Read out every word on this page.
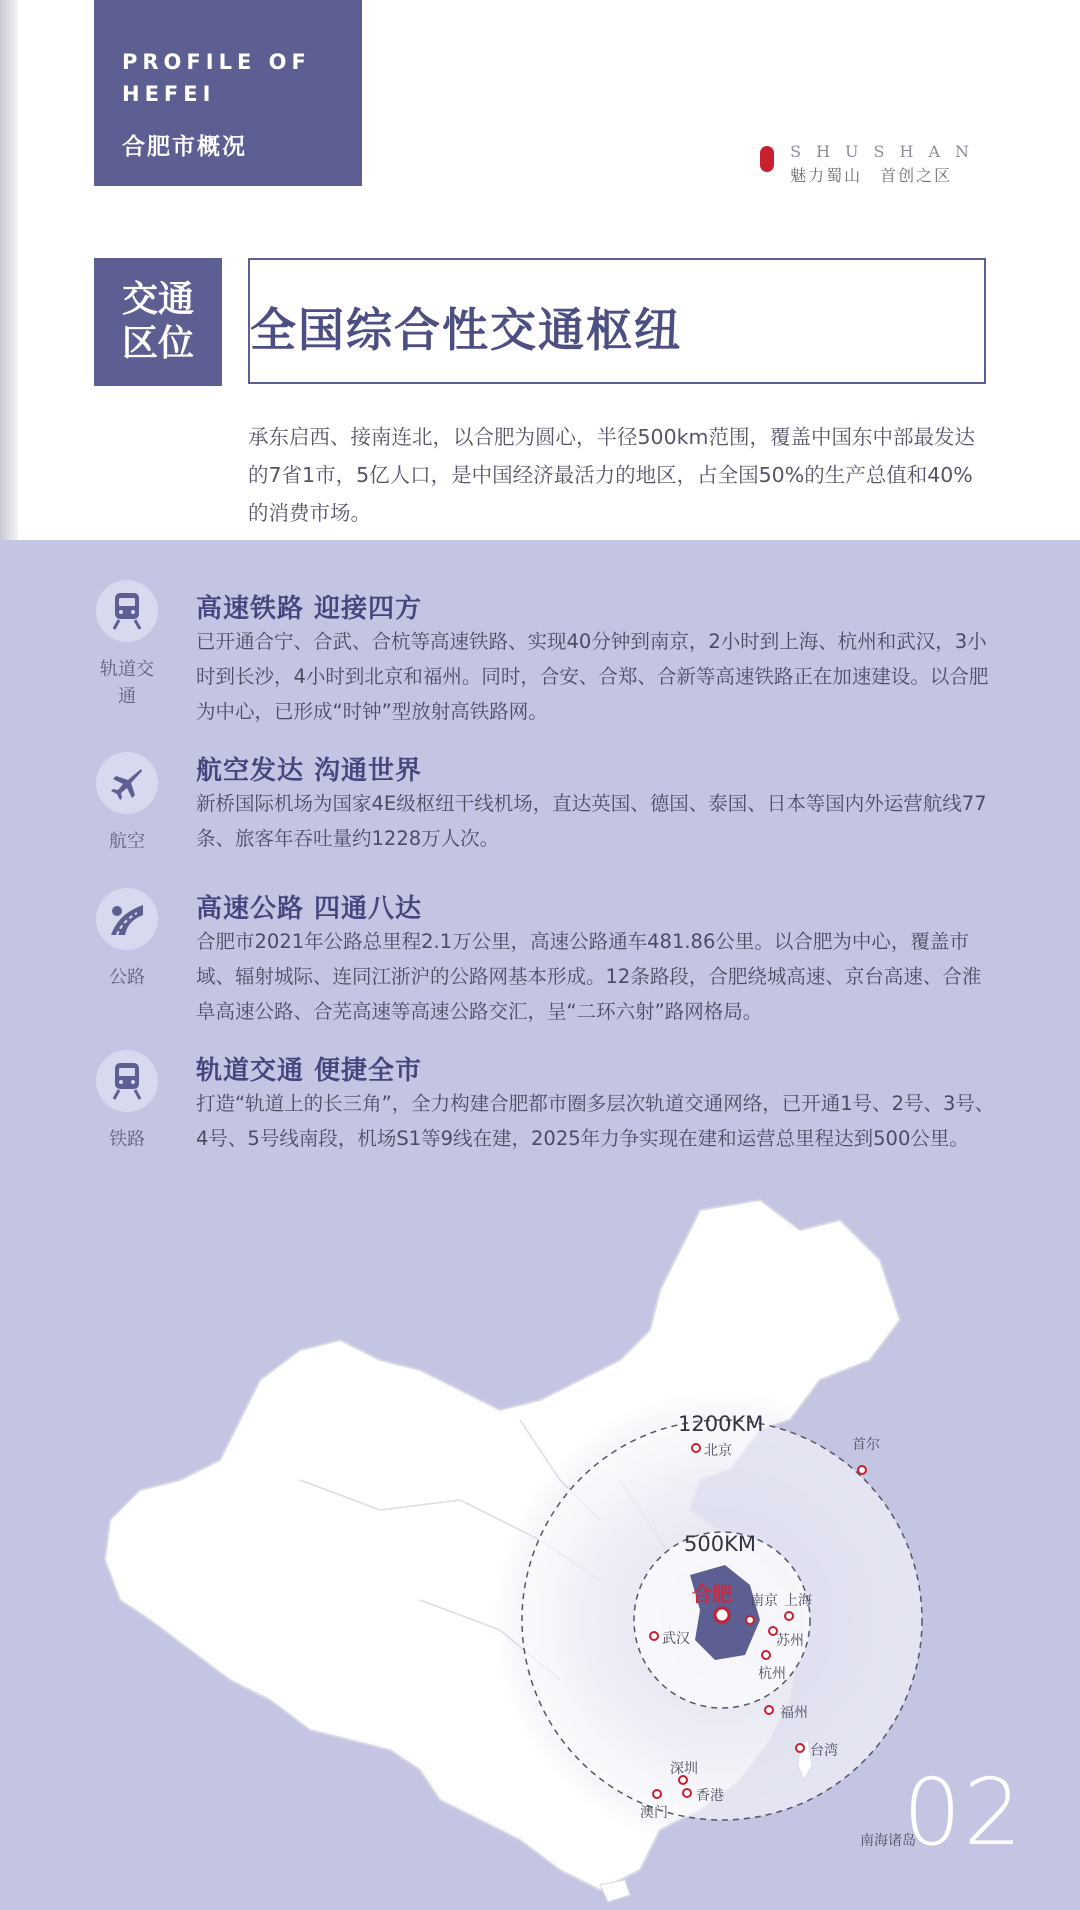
PROFILE OF HEFEI
合肥市概况	SHUSHAN
魅力蜀山　首创之区
交通区位 全国综合性交通枢纽
承东启西、接南连北，以合肥为圆心，半径500km范围，覆盖中国东中部最发达的7省1市，5亿人口，是中国经济最活力的地区，占全国50%的生产总值和40%的消费市场。
轨道交通
高速铁路 迎接四方
已开通合宁、合武、合杭等高速铁路、实现40分钟到南京，2小时到上海、杭州和武汉，3小时到长沙，4小时到北京和福州。同时，合安、合郑、合新等高速铁路正在加速建设。以合肥为中心，已形成“时钟”型放射高铁路网。
航空
航空发达 沟通世界
新桥国际机场为国家4E级枢纽干线机场，直达英国、德国、泰国、日本等国内外运营航线77条、旅客年吞吐量约1228万人次。
公路
高速公路 四通八达
合肥市2021年公路总里程2.1万公里，高速公路通车481.86公里。以合肥为中心，覆盖市域、辐射城际、连同江浙沪的公路网基本形成。12条路段，合肥绕城高速、京台高速、合淮阜高速公路、合芜高速等高速公路交汇，呈“二环六射”路网格局。
铁路
轨道交通 便捷全市
打造“轨道上的长三角”，全力构建合肥都市圈多层次轨道交通网络，已开通1号、2号、3号、4号、5号线南段，机场S1等9线在建，2025年力争实现在建和运营总里程达到500公里。
1200KM
500KM
合肥
北京	首尔
南京 上海
苏州
武汉
杭州
福州
台湾
深圳
香港
澳门
南海诸岛
02
